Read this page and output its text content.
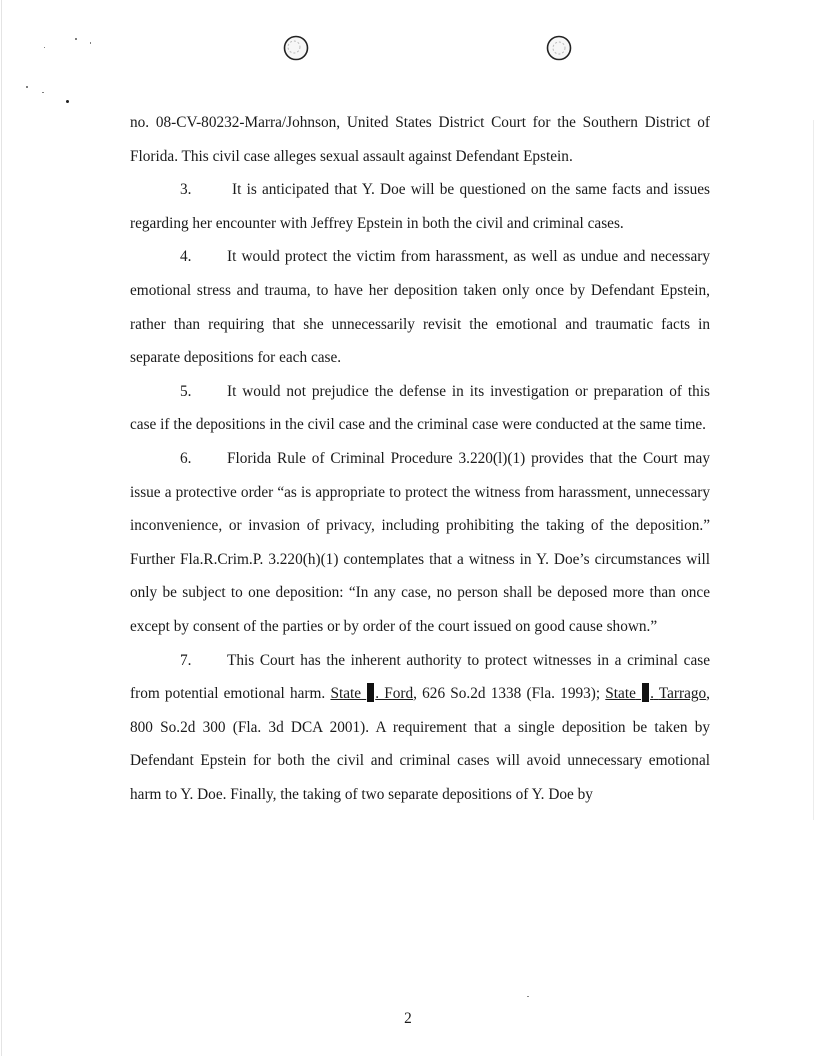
no. 08-CV-80232-Marra/Johnson, United States District Court for the Southern District of Florida. This civil case alleges sexual assault against Defendant Epstein.

3.	It is anticipated that Y. Doe will be questioned on the same facts and issues regarding her encounter with Jeffrey Epstein in both the civil and criminal cases.

4. It would protect the victim from harassment, as well as undue and necessary emotional stress and trauma, to have her deposition taken only once by Defendant Epstein, rather than requiring that she unnecessarily revisit the emotional and traumatic facts in separate depositions for each case.

5. It would not prejudice the defense in its investigation or preparation of this case if the depositions in the civil case and the criminal case were conducted at the same time.

6. Florida Rule of Criminal Procedure 3.220(l)(1) provides that the Court may issue a protective order “as is appropriate to protect the witness from harassment, unnecessary inconvenience, or invasion of privacy, including prohibiting the taking of the deposition.” Further Fla.R.Crim.P. 3.220(h)(1) contemplates that a witness in Y. Doe’s circumstances will only be subject to one deposition: “In any case, no person shall be deposed more than once except by consent of the parties or by order of the court issued on good cause shown.”

7. This Court has the inherent authority to protect witnesses in a criminal case from potential emotional harm. State . Ford, 626 So.2d 1338 (Fla. 1993); State . Tarrago, 800 So.2d 300 (Fla. 3d DCA 2001). A requirement that a single deposition be taken by Defendant Epstein for both the civil and criminal cases will avoid unnecessary emotional harm to Y. Doe. Finally, the taking of two separate depositions of Y. Doe by

2
